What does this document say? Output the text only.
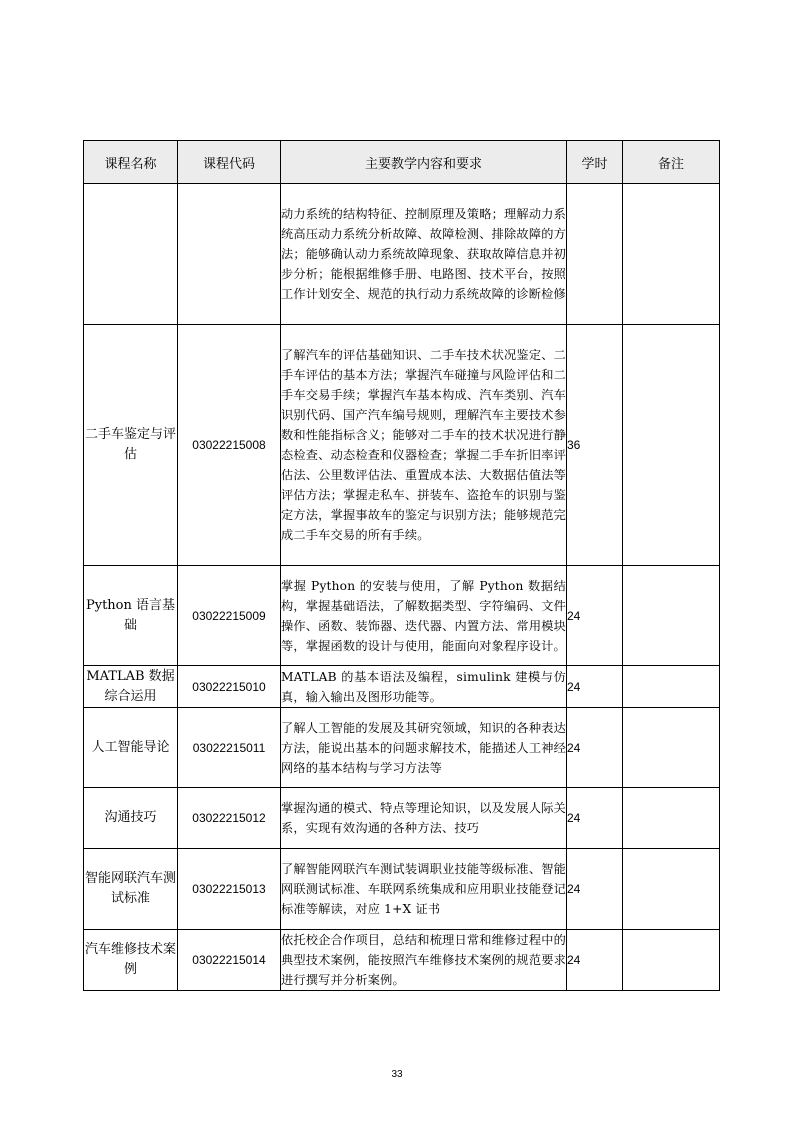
课程名称	课程代码	主要教学内容和要求	学时	备注
		动力系统的结构特征、控制原理及策略；理解动力系统高压动力系统分析故障、故障检测、排除故障的方法；能够确认动力系统故障现象、获取故障信息并初步分析；能根据维修手册、电路图、技术平台，按照工作计划安全、规范的执行动力系统故障的诊断检修		
二手车鉴定与评估	03022215008	了解汽车的评估基础知识、二手车技术状况鉴定、二手车评估的基本方法；掌握汽车碰撞与风险评估和二手车交易手续；掌握汽车基本构成、汽车类别、汽车识别代码、国产汽车编号规则，理解汽车主要技术参数和性能指标含义；能够对二手车的技术状况进行静态检查、动态检查和仪器检查；掌握二手车折旧率评估法、公里数评估法、重置成本法、大数据估值法等评估方法；掌握走私车、拼装车、盗抢车的识别与鉴定方法，掌握事故车的鉴定与识别方法；能够规范完成二手车交易的所有手续。	36	
Python 语言基础	03022215009	掌握 Python 的安装与使用，了解 Python 数据结构，掌握基础语法，了解数据类型、字符编码、文件操作、函数、装饰器、迭代器、内置方法、常用模块等，掌握函数的设计与使用，能面向对象程序设计。	24	
MATLAB 数据综合运用	03022215010	MATLAB 的基本语法及编程，simulink 建模与仿真，输入输出及图形功能等。	24	
人工智能导论	03022215011	了解人工智能的发展及其研究领域，知识的各种表达方法，能说出基本的问题求解技术，能描述人工神经网络的基本结构与学习方法等	24	
沟通技巧	03022215012	掌握沟通的模式、特点等理论知识，以及发展人际关系，实现有效沟通的各种方法、技巧	24	
智能网联汽车测试标准	03022215013	了解智能网联汽车测试装调职业技能等级标准、智能网联测试标准、车联网系统集成和应用职业技能登记标准等解读，对应 1+X 证书	24	
汽车维修技术案例	03022215014	依托校企合作项目，总结和梳理日常和维修过程中的典型技术案例，能按照汽车维修技术案例的规范要求进行撰写并分析案例。	24	
33
